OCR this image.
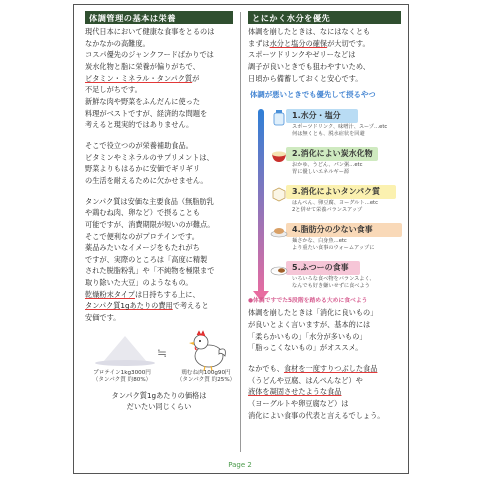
体調管理の基本は栄養
現代日本において健康な食事をとるのは
なかなかの高難度。
コスパ優先のジャンクフードばかりでは
炭水化物と脂に栄養が偏りがちで、
ビタミン・ミネラル・タンパク質が
不足しがちです。
新鮮な肉や野菜をふんだんに使った
料理がベストですが、経済的な問題を
考えると現実的ではありません。
そこで役立つのが栄養補助食品。
ビタミンやミネラルのサプリメントは、
野菜よりもはるかに安価でギリギリ
の生活を耐えるために欠かせません。
タンパク質は安価な主要食品（無脂肪乳
や鶏むね肉、卵など）で摂ることも
可能ですが、消費期限が短いのが難点。
そこで便利なのがプロテインです。
薬品みたいなイメージをもたれがち
ですが、実際のところは「高度に精製
された脱脂粉乳」や「不純物を極限まで
取り除いた大豆」のようなもの。
乾燥粉末タイプは日持ちする上に、
タンパク質1gあたりの費用で考えると
安価です。
≒
プロテイン1kg3000円
（タンパク質 約80%）
鶏むね肉100g90円
（タンパク質 約25%）
タンパク質1gあたりの価格は
だいたい同じくらい
とにかく水分を優先
体調を崩したときは、なにはなくとも
まずは水分と塩分の確保が大切です。
スポーツドリンクやゼリーなどは
調子が良いときでも狙わやすいため、
日頃から備蓄しておくと安心です。
体調が悪いときでも優先して摂るやつ
1.水分・塩分
スポーツドリンク、味噌汁、スープ…etc
何は無くとも、脱水症状を回避
2.消化によい炭水化物
おかゆ、うどん、パン粥…etc
胃に優しいエネルギー源
3.消化によいタンパク質
はんぺん、卵豆腐、ヨーグルト…etc
2と併せて栄養バランスアップ
4.脂肪分の少ない食事
麺さかな、白身魚…etc
より重たい食事のウォームアップに
5.ふつーの食事
いろいろな食べ物をバランスよく、
なんでも好き嫌いせずに食べよう
●体調ですでた5段階を踏める大めに食べよう
体調を崩したときは「消化に良いもの」
が良いとよく言いますが、基本的には
「柔らかいもの」「水分が多いもの」
「脂っこくないもの」がオススメ。
なかでも、食材を一度すりつぶした食品
（うどんや豆腐、はんぺんなど）や
液体を凝固させたような食品
（ヨーグルトや卵豆腐など）は
消化によい食事の代表と言えるでしょう。
Page 2
